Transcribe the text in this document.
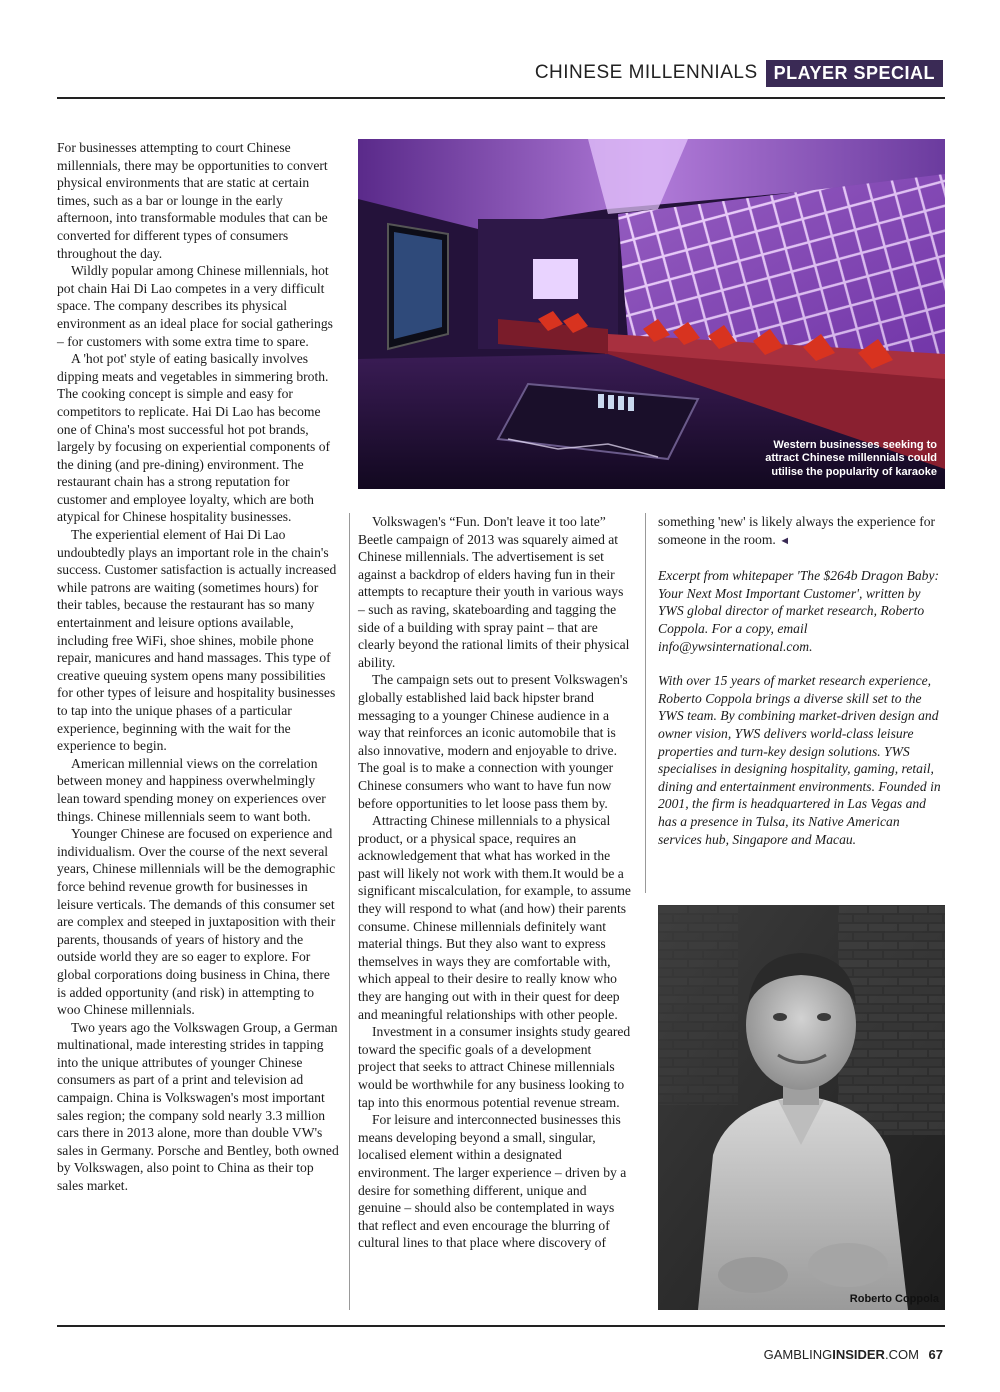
CHINESE MILLENNIALS PLAYER SPECIAL

For businesses attempting to court Chinese millennials, there may be opportunities to convert physical environments that are static at certain times, such as a bar or lounge in the early afternoon, into transformable modules that can be converted for different types of consumers throughout the day.

Wildly popular among Chinese millennials, hot pot chain Hai Di Lao competes in a very difficult space. The company describes its physical environment as an ideal place for social gatherings – for customers with some extra time to spare.

A 'hot pot' style of eating basically involves dipping meats and vegetables in simmering broth. The cooking concept is simple and easy for competitors to replicate. Hai Di Lao has become one of China's most successful hot pot brands, largely by focusing on experiential components of the dining (and pre-dining) environment. The restaurant chain has a strong reputation for customer and employee loyalty, which are both atypical for Chinese hospitality businesses.

The experiential element of Hai Di Lao undoubtedly plays an important role in the chain's success. Customer satisfaction is actually increased while patrons are waiting (sometimes hours) for their tables, because the restaurant has so many entertainment and leisure options available, including free WiFi, shoe shines, mobile phone repair, manicures and hand massages. This type of creative queuing system opens many possibilities for other types of leisure and hospitality businesses to tap into the unique phases of a particular experience, beginning with the wait for the experience to begin.

American millennial views on the correlation between money and happiness overwhelmingly lean toward spending money on experiences over things. Chinese millennials seem to want both.

Younger Chinese are focused on experience and individualism. Over the course of the next several years, Chinese millennials will be the demographic force behind revenue growth for businesses in leisure verticals. The demands of this consumer set are complex and steeped in juxtaposition with their parents, thousands of years of history and the outside world they are so eager to explore. For global corporations doing business in China, there is added opportunity (and risk) in attempting to woo Chinese millennials.

Two years ago the Volkswagen Group, a German multinational, made interesting strides in tapping into the unique attributes of younger Chinese consumers as part of a print and television ad campaign. China is Volkswagen's most important sales region; the company sold nearly 3.3 million cars there in 2013 alone, more than double VW's sales in Germany. Porsche and Bentley, both owned by Volkswagen, also point to China as their top sales market.

Western businesses seeking to attract Chinese millennials could utilise the popularity of karaoke

Volkswagen's “Fun. Don't leave it too late” Beetle campaign of 2013 was squarely aimed at Chinese millennials. The advertisement is set against a backdrop of elders having fun in their attempts to recapture their youth in various ways – such as raving, skateboarding and tagging the side of a building with spray paint – that are clearly beyond the rational limits of their physical ability.

The campaign sets out to present Volkswagen's globally established laid back hipster brand messaging to a younger Chinese audience in a way that reinforces an iconic automobile that is also innovative, modern and enjoyable to drive. The goal is to make a connection with younger Chinese consumers who want to have fun now before opportunities to let loose pass them by.

Attracting Chinese millennials to a physical product, or a physical space, requires an acknowledgement that what has worked in the past will likely not work with them.It would be a significant miscalculation, for example, to assume they will respond to what (and how) their parents consume. Chinese millennials definitely want material things. But they also want to express themselves in ways they are comfortable with, which appeal to their desire to really know who they are hanging out with in their quest for deep and meaningful relationships with other people.

Investment in a consumer insights study geared toward the specific goals of a development project that seeks to attract Chinese millennials would be worthwhile for any business looking to tap into this enormous potential revenue stream.

For leisure and interconnected businesses this means developing beyond a small, singular, localised element within a designated environment. The larger experience – driven by a desire for something different, unique and genuine – should also be contemplated in ways that reflect and even encourage the blurring of cultural lines to that place where discovery of

something 'new' is likely always the experience for someone in the room. ◄

Excerpt from whitepaper 'The $264b Dragon Baby: Your Next Most Important Customer', written by YWS global director of market research, Roberto Coppola. For a copy, email info@ywsinternational.com.

With over 15 years of market research experience, Roberto Coppola brings a diverse skill set to the YWS team. By combining market-driven design and owner vision, YWS delivers world-class leisure properties and turn-key design solutions. YWS specialises in designing hospitality, gaming, retail, dining and entertainment environments. Founded in 2001, the firm is headquartered in Las Vegas and has a presence in Tulsa, its Native American services hub, Singapore and Macau.

Roberto Coppola
GAMBLINGINSIDER.COM 67
